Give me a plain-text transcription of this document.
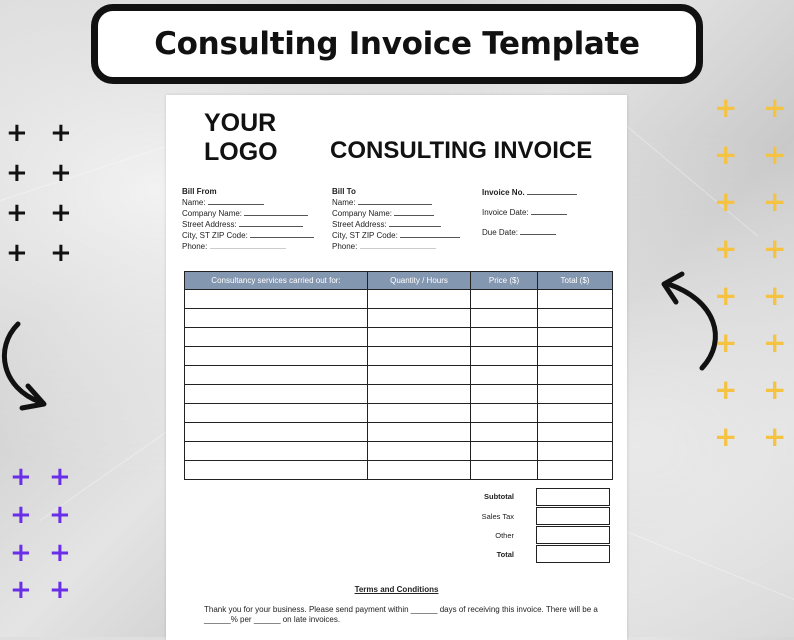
Consulting Invoice Template
+ +
+ +
+ +
+ +
+ +
+ +
+ +
+ +
+ +
+ +
+ +
+ +
+ +
+ +
+ +
+ +
YOUR
LOGO CONSULTING INVOICE
Bill From
Name:
Company Name:
Street Address:
City, ST ZIP Code:
Phone:
Bill To
Name:
Company Name:
Street Address:
City, ST ZIP Code:
Phone:
Invoice No.
Invoice Date:
Due Date:
Consultancy services carried out for:	Quantity / Hours	Price ($)	Total ($)

Subtotal
Sales Tax
Other
Total
Terms and Conditions
Thank you for your business. Please send payment within ______ days of receiving this invoice. There will be a ______% per ______ on late invoices.
